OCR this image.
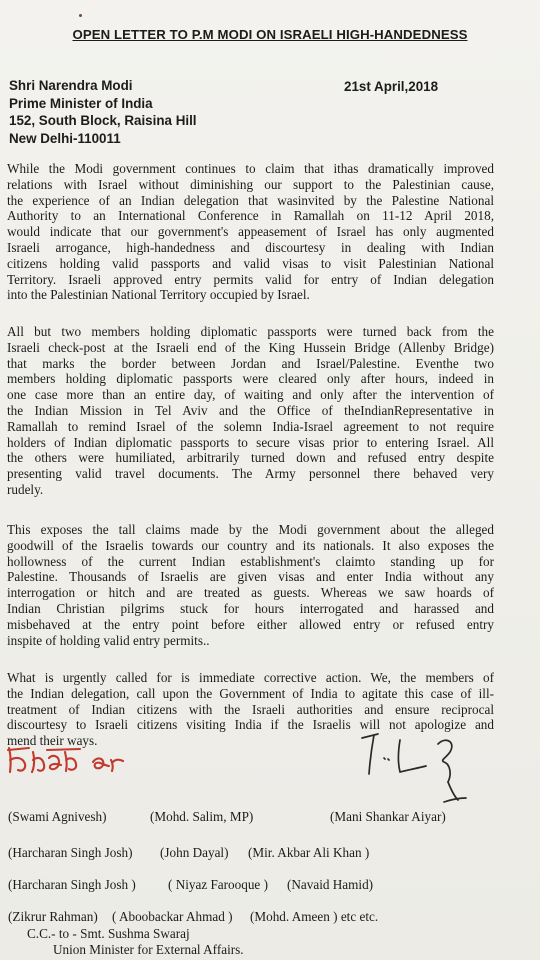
OPEN LETTER TO P.M MODI ON ISRAELI HIGH-HANDEDNESS
Shri Narendra Modi
Prime Minister of India
152, South Block, Raisina Hill
New Delhi-110011
21st April,2018
While the Modi government continues to claim that ithas dramatically improved
relations with Israel without diminishing our support to the Palestinian cause,
the experience of an Indian delegation that wasinvited by the Palestine National
Authority to an International Conference in Ramallah on 11-12 April 2018,
would indicate that our government's appeasement of Israel has only augmented
Israeli arrogance, high-handedness and discourtesy in dealing with Indian
citizens holding valid passports and valid visas to visit Palestinian National
Territory. Israeli approved entry permits valid for entry of Indian delegation
into the Palestinian National Territory occupied by Israel.
All but two members holding diplomatic passports were turned back from the
Israeli check-post at the Israeli end of the King Hussein Bridge (Allenby Bridge)
that marks the border between Jordan and Israel/Palestine. Eventhe two
members holding diplomatic passports were cleared only after hours, indeed in
one case more than an entire day, of waiting and only after the intervention of
the Indian Mission in Tel Aviv and the Office of theIndianRepresentative in
Ramallah to remind Israel of the solemn India-Israel agreement to not require
holders of Indian diplomatic passports to secure visas prior to entering Israel. All
the others were humiliated, arbitrarily turned down and refused entry despite
presenting valid travel documents. The Army personnel there behaved very
rudely.
This exposes the tall claims made by the Modi government about the alleged
goodwill of the Israelis towards our country and its nationals. It also exposes the
hollowness of the current Indian establishment's claimto standing up for
Palestine. Thousands of Israelis are given visas and enter India without any
interrogation or hitch and are treated as guests. Whereas we saw hoards of
Indian Christian pilgrims stuck for hours interrogated and harassed and
misbehaved at the entry point before either allowed entry or refused entry
inspite of holding valid entry permits..
What is urgently called for is immediate corrective action. We, the members of
the Indian delegation, call upon the Government of India to agitate this case of ill-
treatment of Indian citizens with the Israeli authorities and ensure reciprocal
discourtesy to Israeli citizens visiting India if the Israelis will not apologize and
mend their ways.
(Swami Agnivesh)	(Mohd. Salim, MP)	(Mani Shankar Aiyar)
(Harcharan Singh Josh) (John Dayal) (Mir. Akbar Ali Khan )
(Harcharan Singh Josh ) ( Niyaz Farooque ) (Navaid Hamid)
(Zikrur Rahman) ( Aboobackar Ahmad ) (Mohd. Ameen ) etc etc.
C.C.- to - Smt. Sushma Swaraj
Union Minister for External Affairs.
